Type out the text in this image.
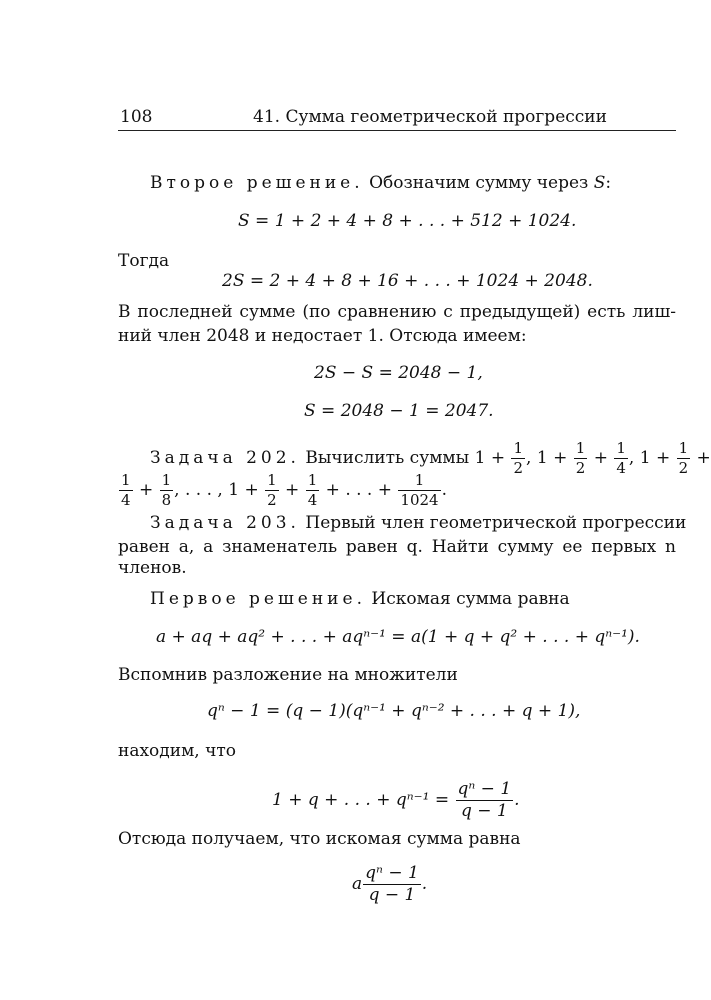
108	41. Сумма геометрической прогрессии
Второе решение. Обозначим сумму через S:
S = 1 + 2 + 4 + 8 + . . . + 512 + 1024.
Тогда
2S = 2 + 4 + 8 + 16 + . . . + 1024 + 2048.
В последней сумме (по сравнению с предыдущей) есть лиш-
ний член 2048 и недостает 1. Отсюда имеем:
2S − S = 2048 − 1,
S = 2048 − 1 = 2047.
Задача 202. Вычислить суммы $1 + \frac{1}{2}$ , $1 + \frac{1}{2} + \frac{1}{4}$ , $1 + \frac{1}{2}$ +
$\frac{1}{4} + \frac{1}{8}$ , . . . , $1 + \frac{1}{2} + \frac{1}{4}$ + . . . + $\frac{1}{1024}$ .
Задача 203. Первый член геометрической прогрессии
равен a, а знаменатель равен q. Найти сумму ее первых n
членов.
Первое решение. Искомая сумма равна
a + aq + aq² + . . . + aqⁿ⁻¹ = a(1 + q + q² + . . . + qⁿ⁻¹).
Вспомнив разложение на множители
qⁿ − 1 = (q − 1)(qⁿ⁻¹ + qⁿ⁻² + . . . + q + 1),
находим, что
1 + q + . . . + $q^{n-1} = \frac{\text{qⁿ − 1}}{q - 1}$ .
Отсюда получаем, что искомая сумма равна
a $\frac{\text{qⁿ − 1}}{q - 1}$ .
